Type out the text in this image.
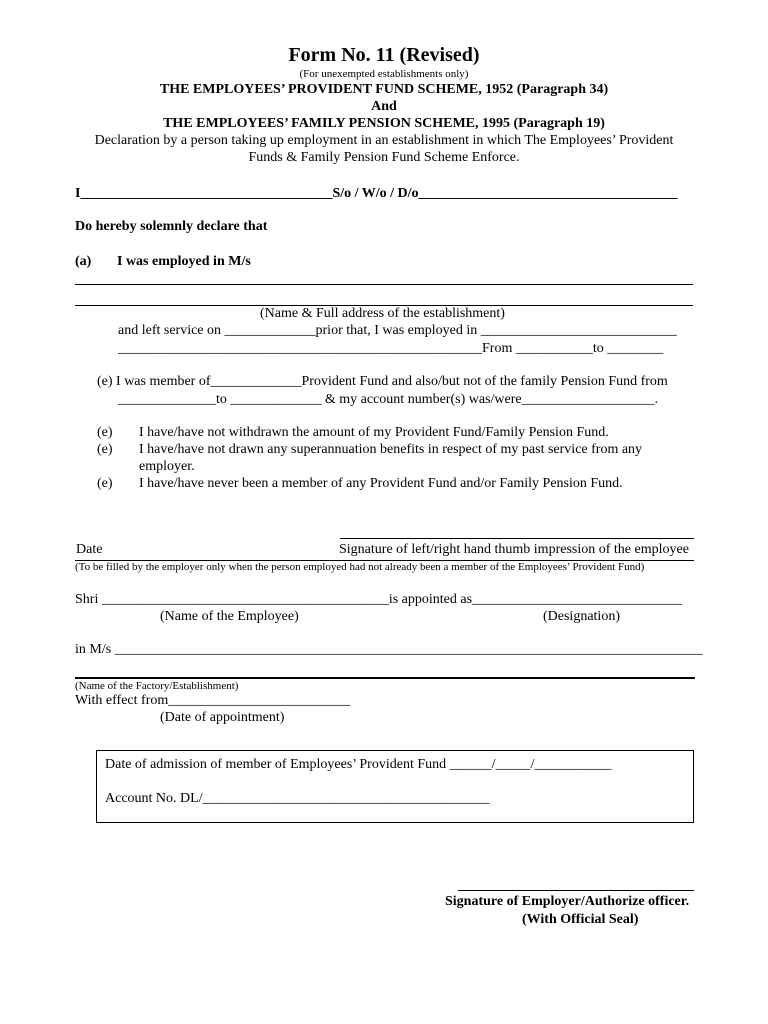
Form No. 11 (Revised)
(For unexempted establishments only)
THE EMPLOYEES’ PROVIDENT FUND SCHEME, 1952 (Paragraph 34)
And
THE EMPLOYEES’ FAMILY PENSION SCHEME, 1995 (Paragraph 19)
Declaration by a person taking up employment in an establishment in which The Employees’ Provident
Funds & Family Pension Fund Scheme Enforce.
I____________________________________S/o / W/o / D/o_____________________________________
Do hereby solemnly declare that
(a) I was employed in M/s
(Name & Full address of the establishment)
and left service on _____________prior that, I was employed in ____________________________
____________________________________________________From ___________to ________
(e) I was member of_____________Provident Fund and also/but not of the family Pension Fund from
______________to _____________ & my account number(s) was/were___________________.
(e) I have/have not withdrawn the amount of my Provident Fund/Family Pension Fund.
(e) I have/have not drawn any superannuation benefits in respect of my past service from any
employer.
(e) I have/have never been a member of any Provident Fund and/or Family Pension Fund.
Date	Signature of left/right hand thumb impression of the employee
(To be filled by the employer only when the person employed had not already been a member of the Employees’ Provident Fund)
Shri _________________________________________is appointed as______________________________
(Name of the Employee)	(Designation)
in M/s ____________________________________________________________________________________
(Name of the Factory/Establishment)
With effect from__________________________
(Date of appointment)
Date of admission of member of Employees’ Provident Fund ______/_____/___________
Account No. DL/_________________________________________
Signature of Employer/Authorize officer.
(With Official Seal)
